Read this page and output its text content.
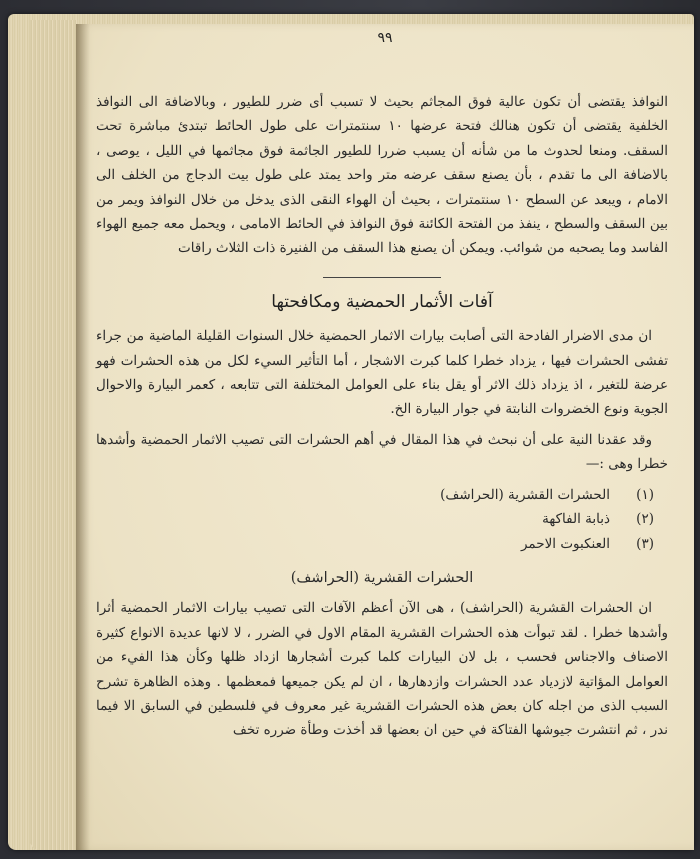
٩٩

النوافذ يقتضى أن تكون عالية فوق المجاثم بحيث لا تسبب أى ضرر للطيور ، وبالاضافة الى النوافذ الخلفية يقتضى أن تكون هنالك فتحة عرضها ١٠ سنتمترات على طول الحائط تبتدئ مباشرة تحت السقف. ومنعا لحدوث ما من شأنه أن يسبب ضررا للطيور الجاثمة فوق مجاثمها في الليل ، يوصى ، بالاضافة الى ما تقدم ، بأن يصنع سقف عرضه متر واحد يمتد على طول بيت الدجاج من الخلف الى الامام ، ويبعد عن السطح ١٠ سنتمترات ، بحيث أن الهواء النقى الذى يدخل من خلال النوافذ ويمر من بين السقف والسطح ، ينفذ من الفتحة الكائنة فوق النوافذ في الحائط الامامى ، ويحمل معه جميع الهواء الفاسد وما يصحبه من شوائب. ويمكن أن يصنع هذا السقف من الفنيرة ذات الثلاث راقات

آفات الأثمار الحمضية ومكافحتها

ان مدى الاضرار الفادحة التى أصابت بيارات الاثمار الحمضية خلال السنوات القليلة الماضية من جراء تفشى الحشرات فيها ، يزداد خطرا كلما كبرت الاشجار ، أما التأثير السيء لكل من هذه الحشرات فهو عرضة للتغير ، اذ يزداد ذلك الاثر أو يقل بناء على العوامل المختلفة التى تتابعه ، كعمر البيارة والاحوال الجوية ونوع الخضروات النابتة في جوار البيارة الخ.

وقد عقدنا النية على أن نبحث في هذا المقال في أهم الحشرات التى تصيب الاثمار الحمضية وأشدها خطرا وهى :—

(١)
الحشرات القشرية (الحراشف)
(٢)
ذبابة الفاكهة
(٣)
العنكبوت الاحمر
الحشرات القشرية (الحراشف)

ان الحشرات القشرية (الحراشف) ، هى الآن أعظم الآفات التى تصيب بيارات الاثمار الحمضية أثرا وأشدها خطرا . لقد تبوأت هذه الحشرات القشرية المقام الاول في الضرر ، لا لانها عديدة الانواع كثيرة الاصناف والاجناس فحسب ، بل لان البيارات كلما كبرت أشجارها ازداد ظلها وكأن هذا الفيء من العوامل المؤاتية لازدياد عدد الحشرات وازدهارها ، ان لم يكن جميعها فمعظمها . وهذه الظاهرة تشرح السبب الذى من اجله كان بعض هذه الحشرات القشرية غير معروف في فلسطين في السابق الا فيما ندر ، ثم انتشرت جيوشها الفتاكة في حين ان بعضها قد أخذت وطأة ضرره تخف
